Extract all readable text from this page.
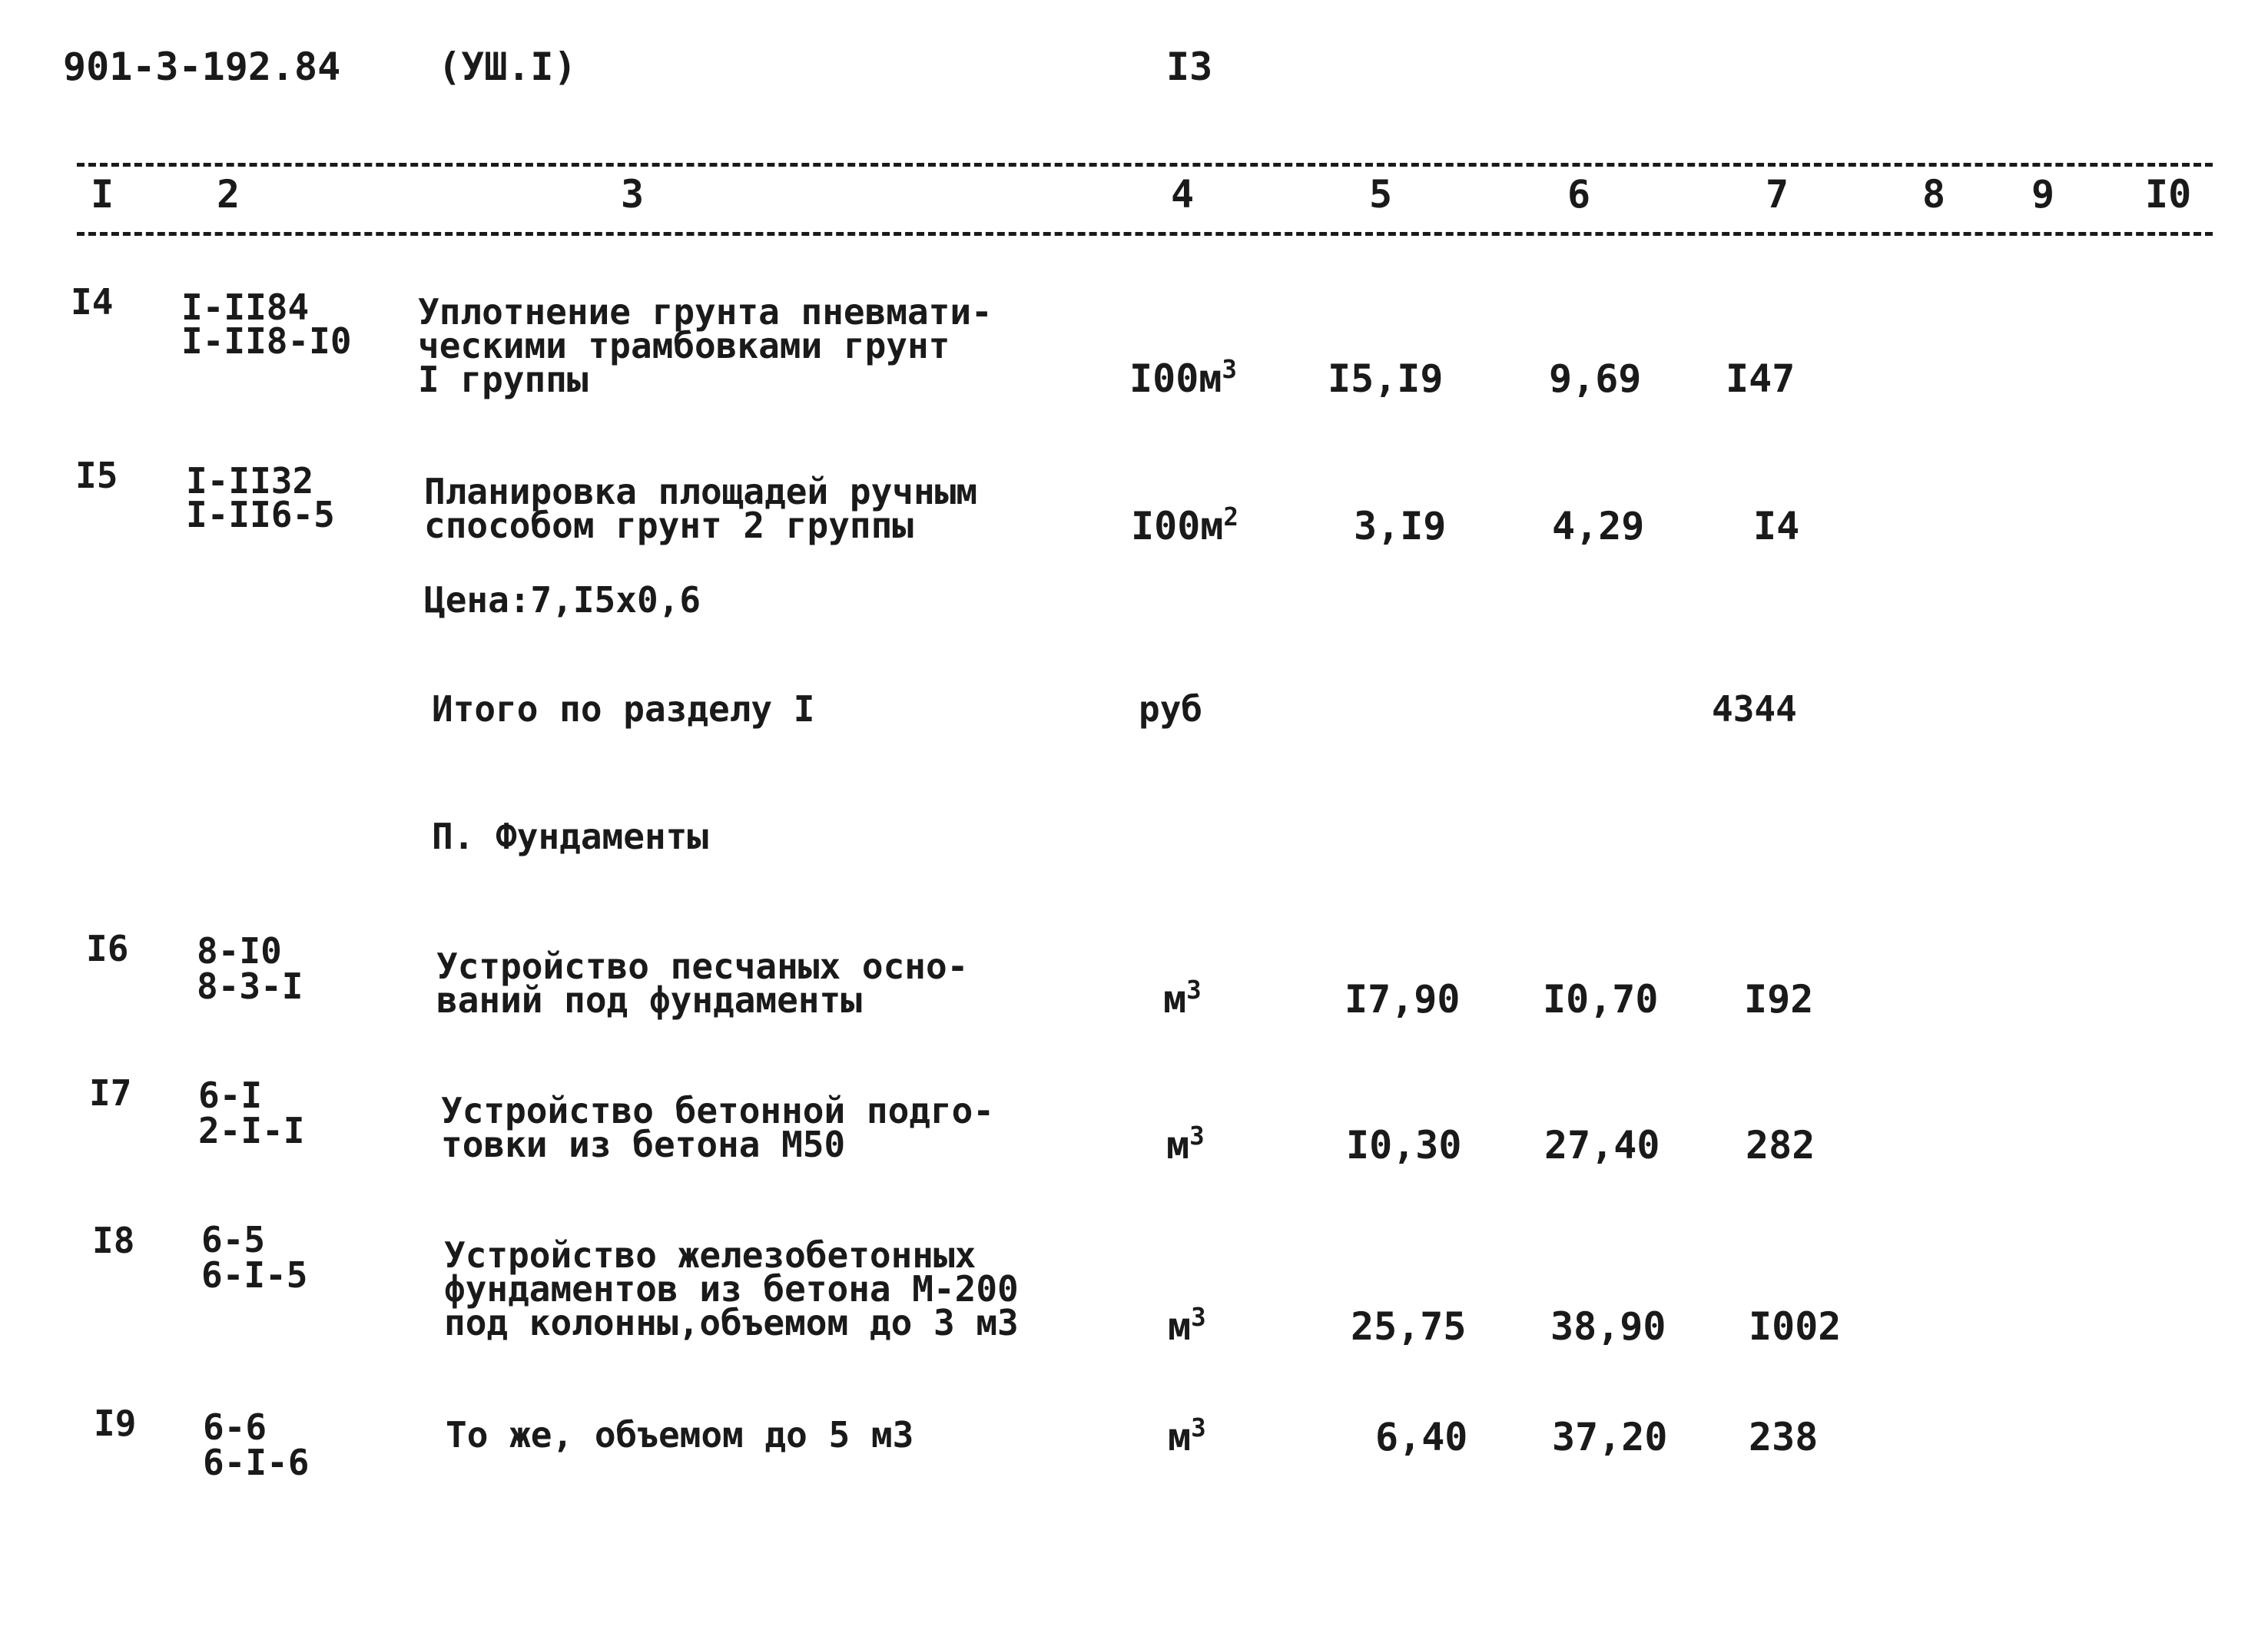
901-3-192.84	(УШ.I)	I3
I	2	3	4	5	6	7	8 9 I0
I4 I-II84
I-II8-I0
Уплотнение грунта пневмати-
ческими трамбовками грунт
I группы	$I00м^3$ I5,I9	9,69 I47
I5 I-II32
I-II6-5
Планировка площадей ручным
способом грунт 2 группы	$I00м^2$	3,I9	4,29	I4
Цена:7,I5x0,6
Итого по разделу I	руб	4344
П. Фундаменты
I6 8-I0
8-3-I	Устройство песчаных осно-
ваний под фундаменты	$м^3$	I7,90 I0,70 I92
I7 6-I
2-I-I	Устройство бетонной подго-
товки из бетона М50	$м^3$	I0,30 27,40 282
I8 6-5
6-I-5	Устройство железобетонных
фундаментов из бетона М-200
под колонны,объемом до 3 м3	$м^3$	25,75 38,90 I002
I9 6-6
6-I-6
То же, объемом до 5 м3	$м^3$	6,40 37,20 238
